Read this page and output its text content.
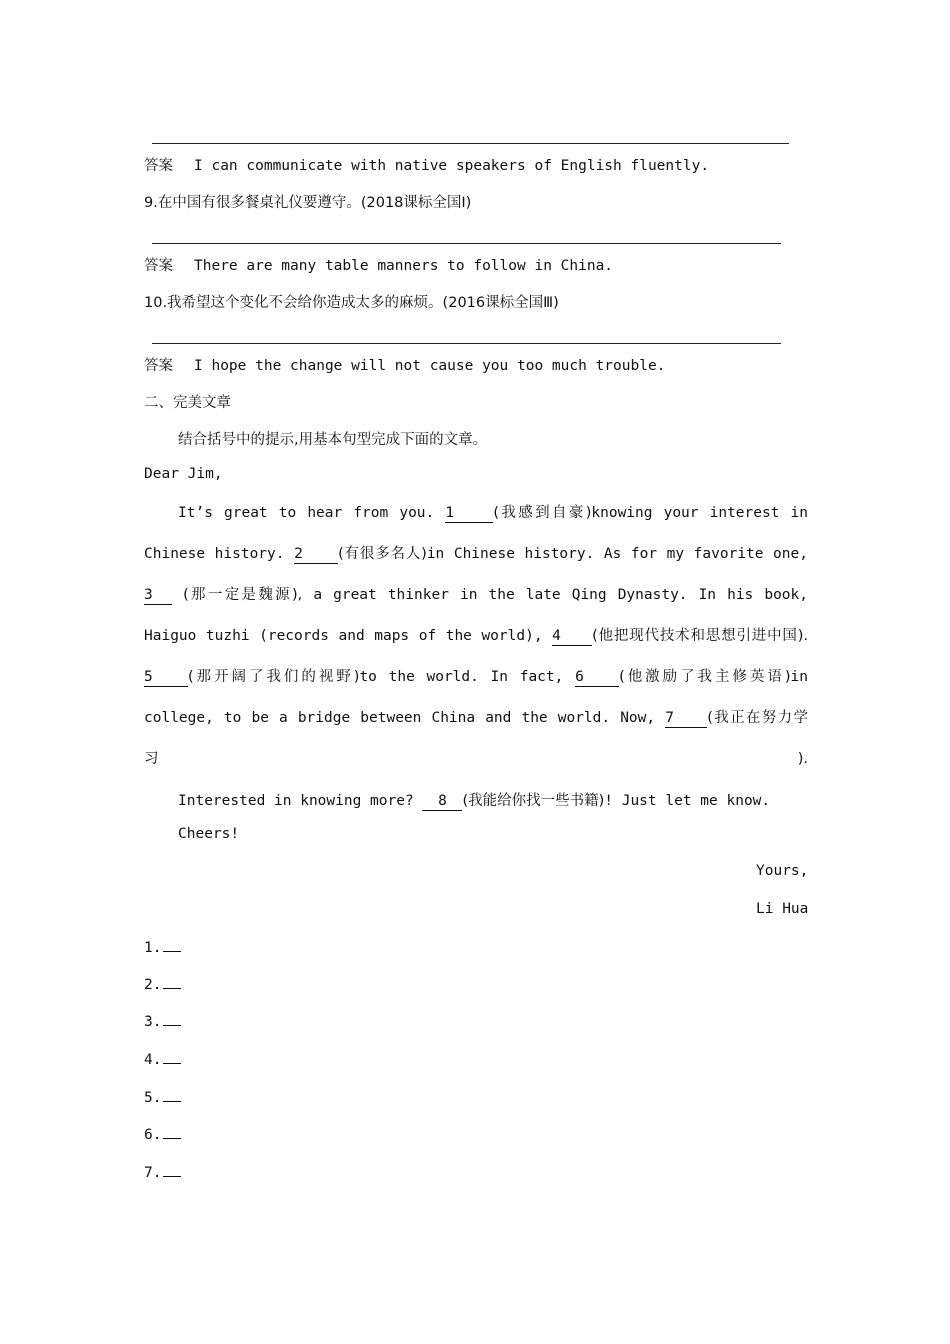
答案 I can communicate with native speakers of English fluently.
9.在中国有很多餐桌礼仪要遵守。(2018课标全国Ⅰ)
答案 There are many table manners to follow in China.
10.我希望这个变化不会给你造成太多的麻烦。(2016课标全国Ⅲ)
答案 I hope the change will not cause you too much trouble.
二、完美文章
结合括号中的提示,用基本句型完成下面的文章。
Dear Jim,
It’s great to hear from you. 1	(我感到自豪)knowing your interest in Chinese history. 2 (有很多名人)in Chinese history. As for my favorite one, 3 (那一定是魏源), a great thinker in the late Qing Dynasty. In his book, Haiguo tuzhi (records and maps of the world), 4 (他把现代技术和思想引进中国). 5 (那开阔了我们的视野)to the world. In fact, 6 (他激励了我主修英语)in college, to be a bridge between China and the world. Now, 7 (我正在努力学习).
Interested in knowing more? 8 (我能给你找一些书籍)! Just let me know.
Cheers!
Yours,
Li Hua
1.
2.
3.
4.
5.
6.
7.
